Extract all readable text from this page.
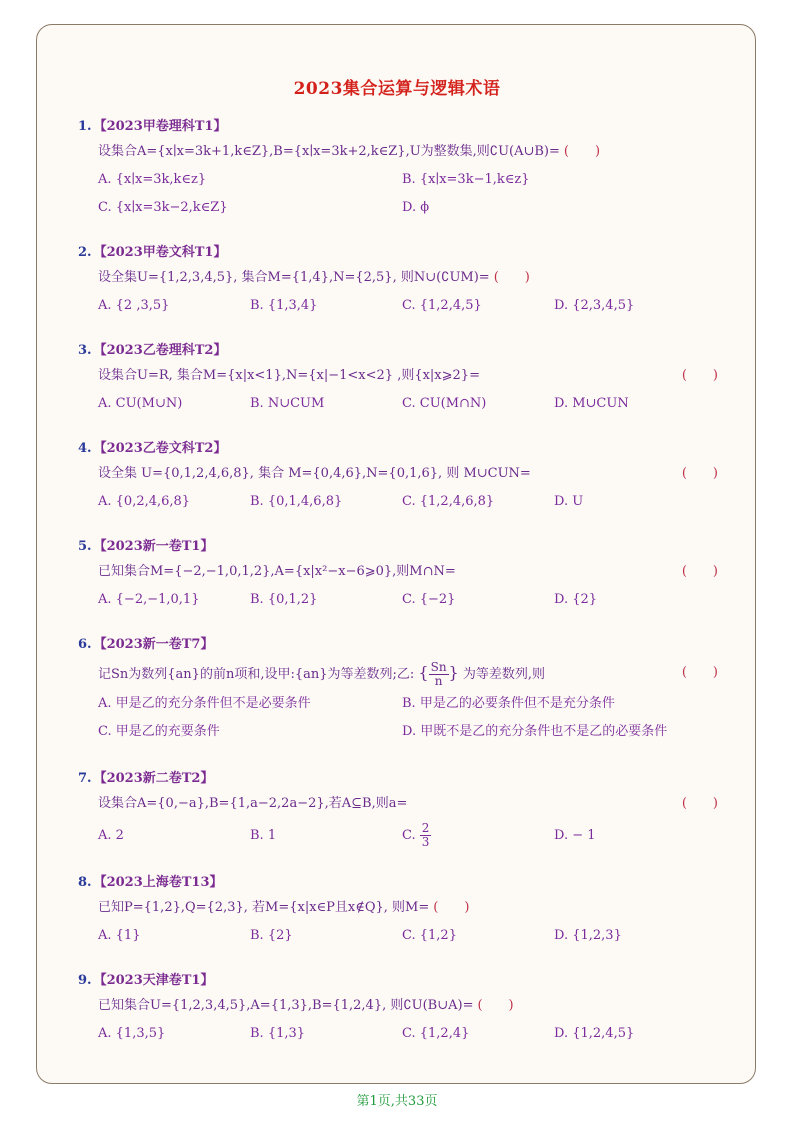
2023集合运算与逻辑术语
1. 【2023甲卷理科T1】
设集合A={x∣x=3k+1,k∈Z},B={x∣x=3k+2,k∈Z},U为整数集,则∁U(A∪B)= (　　)
A. {x∣x=3k,k∈z}	B. {x∣x=3k−1,k∈z}
C. {x∣x=3k−2,k∈Z}	D. ϕ
2. 【2023甲卷文科T1】
设全集U={1,2,3,4,5}, 集合M={1,4},N={2,5}, 则N∪(∁UM)= (　　)
A. {2 ,3,5}	B. {1,3,4}	C. {1,2,4,5}	D. {2,3,4,5}
3. 【2023乙卷理科T2】
设集合U=R, 集合M={x|x<1},N={x|−1<x<2} ,则{x|x⩾2}=	(　　)
A. CU(M∪N)	B. N∪CUM	C. CU(M∩N)	D. M∪CUN
4. 【2023乙卷文科T2】
设全集 U={0,1,2,4,6,8}, 集合 M={0,4,6},N={0,1,6}, 则 M∪CUN=	(　　)
A. {0,2,4,6,8}	B. {0,1,4,6,8}	C. {1,2,4,6,8}	D. U
5. 【2023新一卷T1】
已知集合M={−2,−1,0,1,2},A={x|x²−x−6⩾0},则M∩N=	(　　)
A. {−2,−1,0,1}	B. {0,1,2}	C. {−2}	D. {2}
6. 【2023新一卷T7】
记Sn为数列{an}的前n项和,设甲:{an}为等差数列;乙: { $\frac{Sn}{n}$ } 为等差数列,则	(　　)
A. 甲是乙的充分条件但不是必要条件	B. 甲是乙的必要条件但不是充分条件
C. 甲是乙的充要条件	D. 甲既不是乙的充分条件也不是乙的必要条件
7. 【2023新二卷T2】
设集合A={0,−a},B={1,a−2,2a−2},若A⊆B,则a=	(　　)
A. 2	B. 1	C. $\frac{2}{3}$	D. − 1
8. 【2023上海卷T13】
已知P={1,2},Q={2,3}, 若M={x|x∈P且x∉Q}, 则M= (　　)
A. {1}	B. {2}	C. {1,2}	D. {1,2,3}
9. 【2023天津卷T1】
已知集合U={1,2,3,4,5},A={1,3},B={1,2,4}, 则∁U(B∪A)= (　　)
A. {1,3,5}	B. {1,3}	C. {1,2,4}	D. {1,2,4,5}
第1页,共33页
